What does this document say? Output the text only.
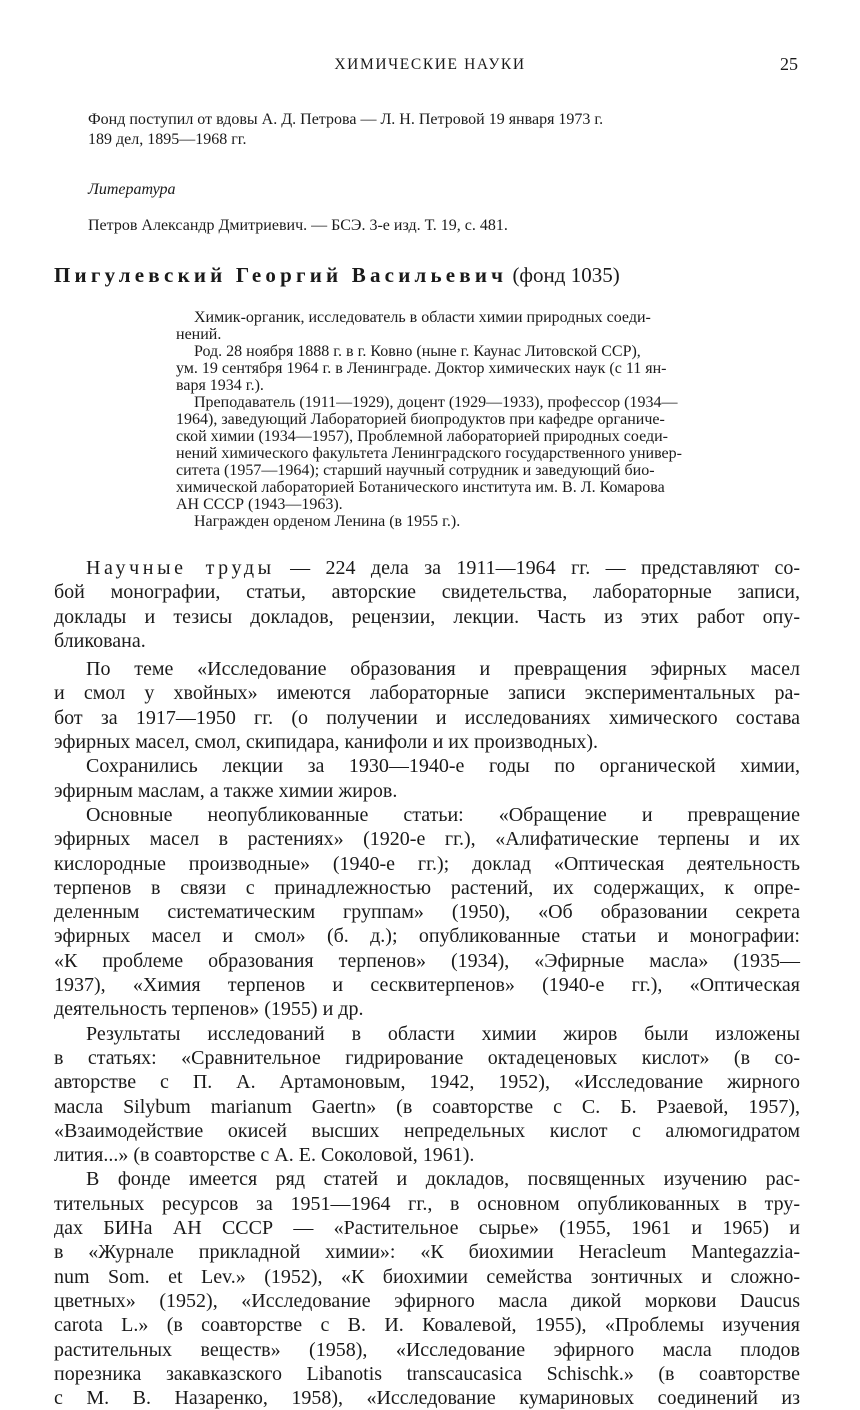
ХИМИЧЕСКИЕ НАУКИ	25
Фонд поступил от вдовы А. Д. Петрова — Л. Н. Петровой 19 января 1973 г.
189 дел, 1895—1968 гг.
Литература
Петров Александр Дмитриевич. — БСЭ. 3-е изд. Т. 19, с. 481.
Пигулевский Георгий Васильевич (фонд 1035)
Химик-органик, исследователь в области химии природных соеди-
нений.
Род. 28 ноября 1888 г. в г. Ковно (ныне г. Каунас Литовской ССР),
ум. 19 сентября 1964 г. в Ленинграде. Доктор химических наук (с 11 ян-
варя 1934 г.).
Преподаватель (1911—1929), доцент (1929—1933), профессор (1934—
1964), заведующий Лабораторией биопродуктов при кафедре органиче-
ской химии (1934—1957), Проблемной лабораторией природных соеди-
нений химического факультета Ленинградского государственного универ-
ситета (1957—1964); старший научный сотрудник и заведующий био-
химической лабораторией Ботанического института им. В. Л. Комарова
АН СССР (1943—1963).
Награжден орденом Ленина (в 1955 г.).
Научные труды — 224 дела за 1911—1964 гг. — представляют со-
бой монографии, статьи, авторские свидетельства, лабораторные записи,
доклады и тезисы докладов, рецензии, лекции. Часть из этих работ опу-
бликована.
По теме «Исследование образования и превращения эфирных масел
и смол у хвойных» имеются лабораторные записи экспериментальных ра-
бот за 1917—1950 гг. (о получении и исследованиях химического состава
эфирных масел, смол, скипидара, канифоли и их производных).
Сохранились лекции за 1930—1940-е годы по органической химии,
эфирным маслам, а также химии жиров.
Основные неопубликованные статьи: «Обращение и превращение
эфирных масел в растениях» (1920-е гг.), «Алифатические терпены и их
кислородные производные» (1940-е гг.); доклад «Оптическая деятельность
терпенов в связи с принадлежностью растений, их содержащих, к опре-
деленным систематическим группам» (1950), «Об образовании секрета
эфирных масел и смол» (б. д.); опубликованные статьи и монографии:
«К проблеме образования терпенов» (1934), «Эфирные масла» (1935—
1937), «Химия терпенов и сесквитерпенов» (1940-е гг.), «Оптическая
деятельность терпенов» (1955) и др.
Результаты исследований в области химии жиров были изложены
в статьях: «Сравнительное гидрирование октадеценовых кислот» (в со-
авторстве с П. А. Артамоновым, 1942, 1952), «Исследование жирного
масла Silybum marianum Gaertn» (в соавторстве с С. Б. Рзаевой, 1957),
«Взаимодействие окисей высших непредельных кислот с алюмогидратом
лития...» (в соавторстве с А. Е. Соколовой, 1961).
В фонде имеется ряд статей и докладов, посвященных изучению рас-
тительных ресурсов за 1951—1964 гг., в основном опубликованных в тру-
дах БИНа АН СССР — «Растительное сырье» (1955, 1961 и 1965) и
в «Журнале прикладной химии»: «К биохимии Heracleum Mantegazzia-
num Som. et Lev.» (1952), «К биохимии семейства зонтичных и сложно-
цветных» (1952), «Исследование эфирного масла дикой моркови Daucus
carota L.» (в соавторстве с В. И. Ковалевой, 1955), «Проблемы изучения
растительных веществ» (1958), «Исследование эфирного масла плодов
порезника закавказского Libanotis transcaucasica Schischk.» (в соавторстве
с М. В. Назаренко, 1958), «Исследование кумариновых соединений из
